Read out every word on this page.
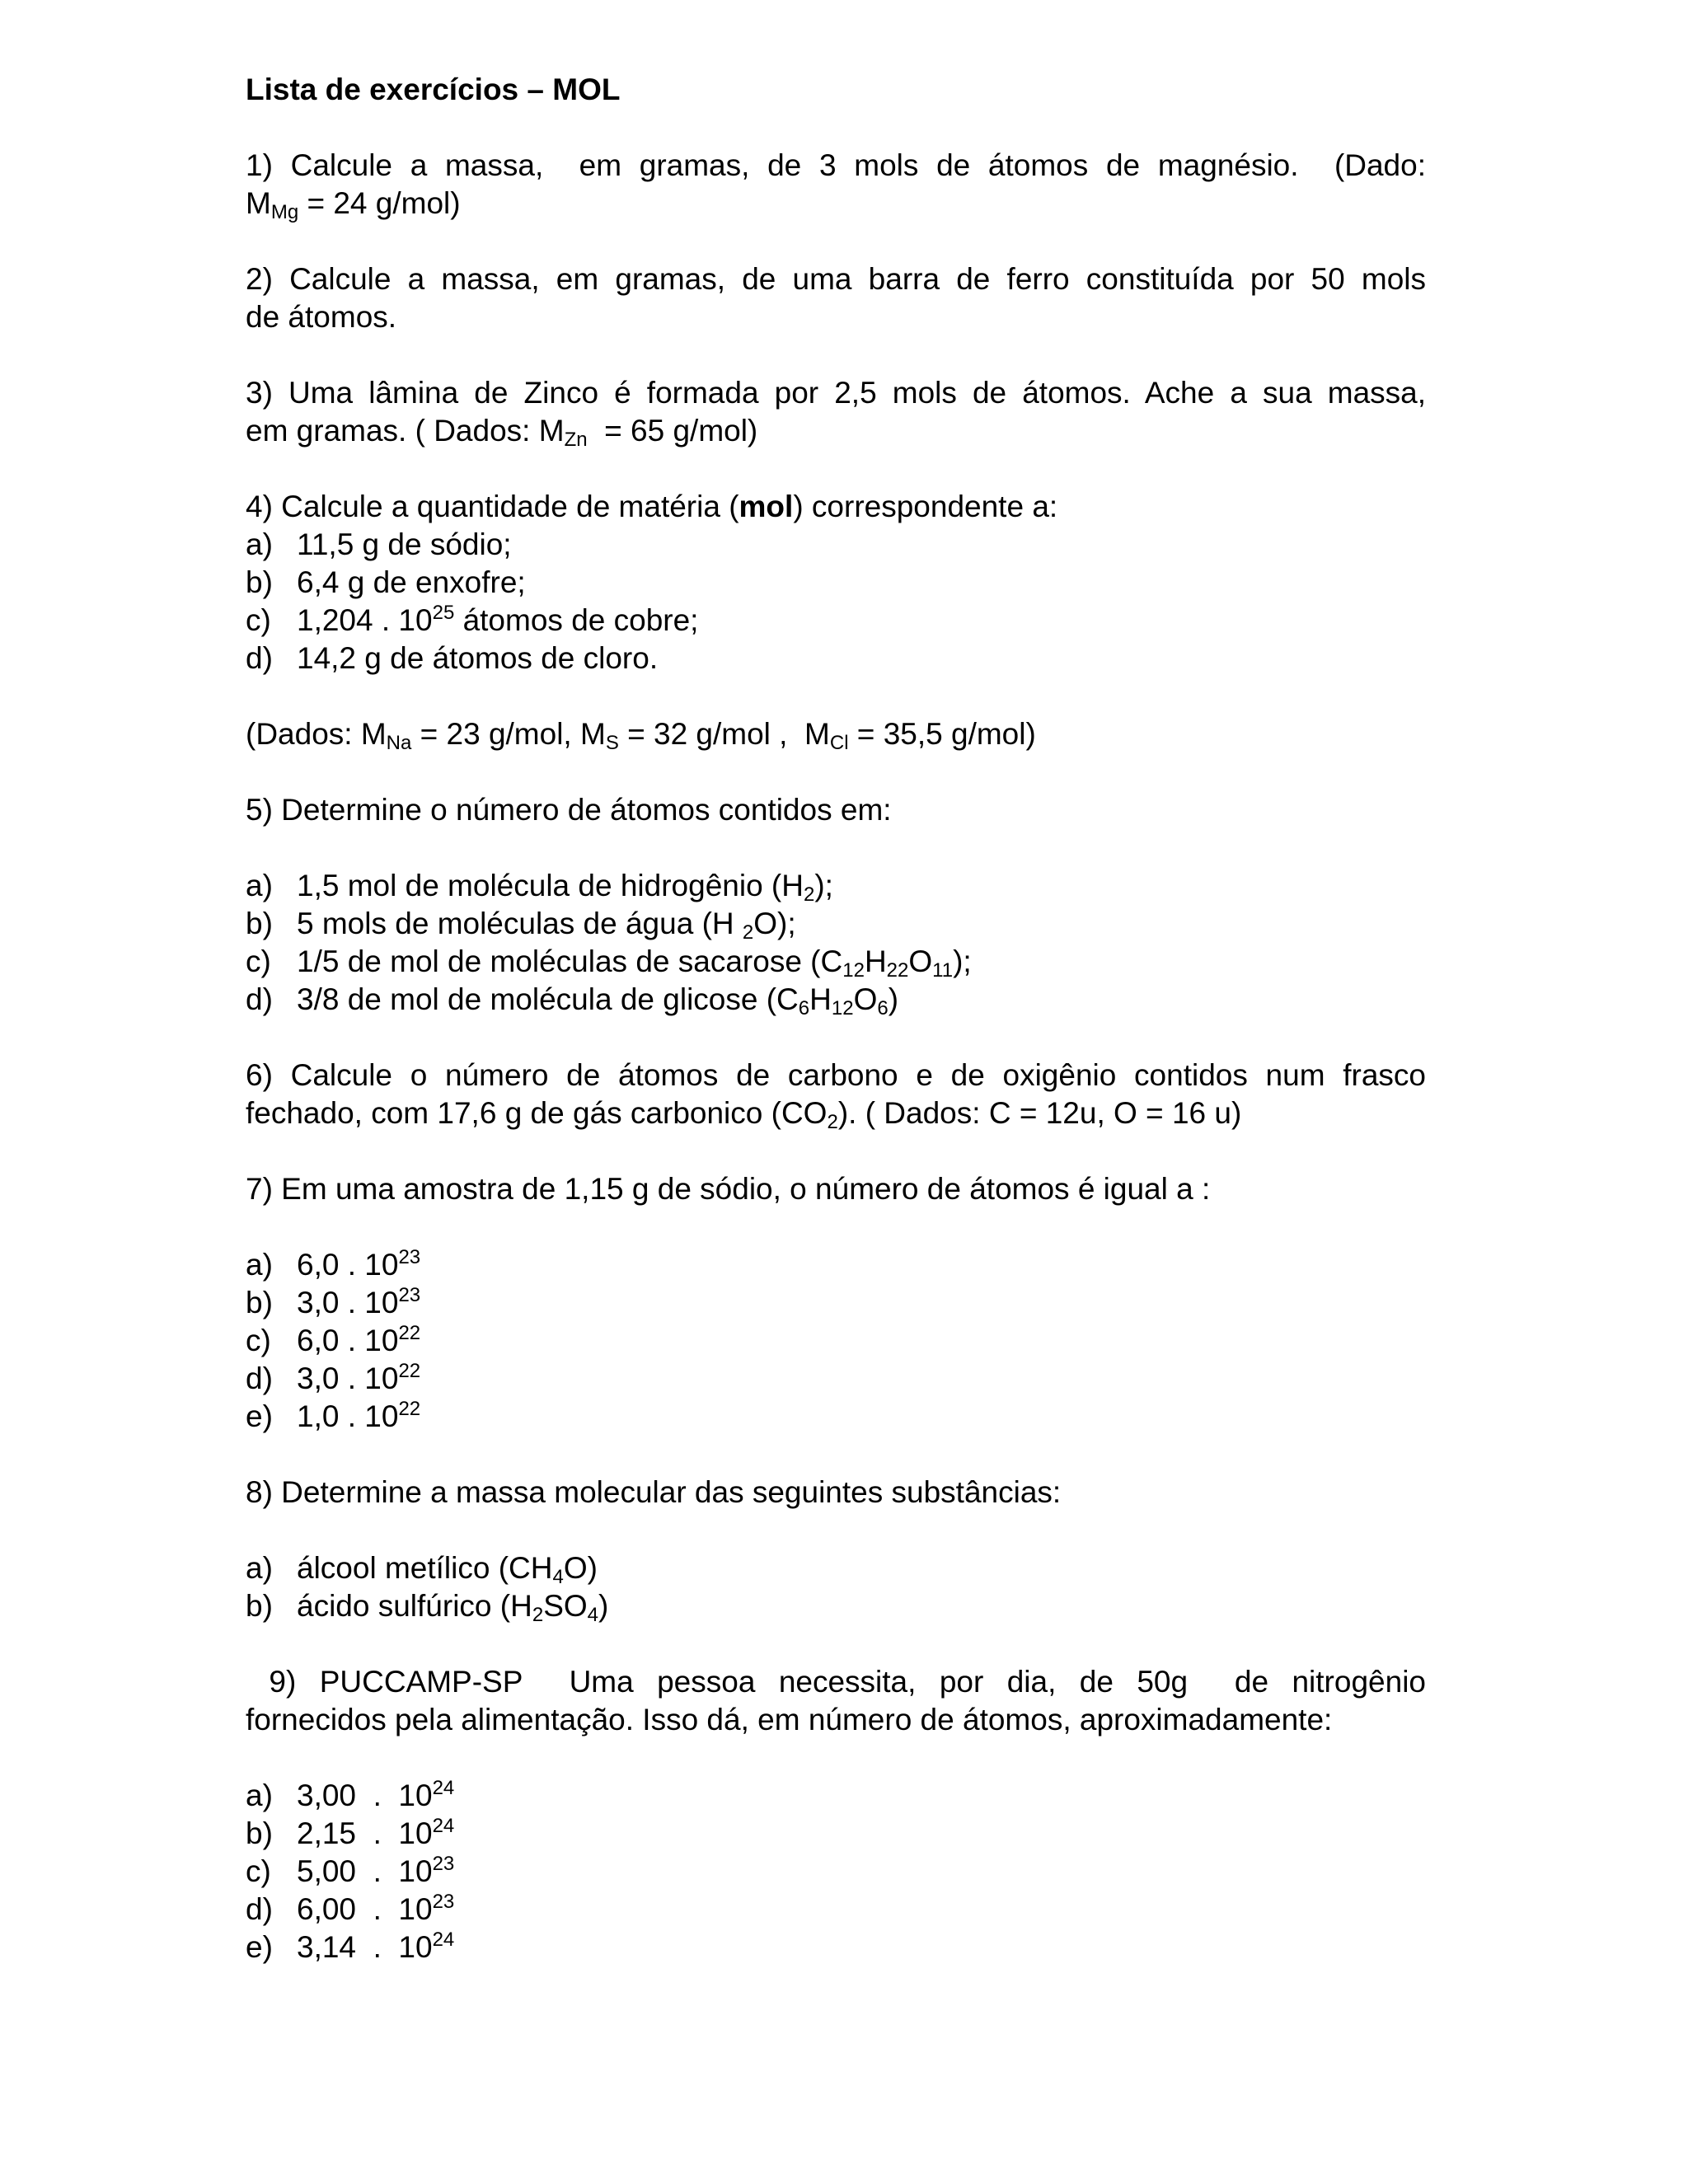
Lista de exercícios – MOL
1) Calcule a massa,  em gramas, de 3 mols de átomos de magnésio.  (Dado:
$M_{Mg} = 24$ g/mol)
2) Calcule a massa, em gramas, de uma barra de ferro constituída por 50 mols
de átomos.
3) Uma lâmina de Zinco é formada por 2,5 mols de átomos. Ache a sua massa,
em gramas. ( Dados: $M_{Zn} = 65$ g/mol)
4) Calcule a quantidade de matéria (mol) correspondente a:
a) 11,5 g de sódio;
b) 6,4 g de enxofre;
c) 1,204 . $10^{25}$ átomos de cobre;
d) 14,2 g de átomos de cloro.
(Dados: $M_{Na} = 23$ g/mol, $M_S = 32$ g/mol ,  $M_{Cl} = 35,5$ g/mol)
5) Determine o número de átomos contidos em:
a) 1,5 mol de molécula de hidrogênio $(H_2)$;
b) 5 mols de moléculas de água (H $_2$O);
c) 1/5 de mol de moléculas de sacarose $(C_{12}H_{22}O_{11})$;
d) 3/8 de mol de molécula de glicose $(C_6H_{12}O_6)$
6) Calcule o número de átomos de carbono e de oxigênio contidos num frasco
fechado, com 17,6 g de gás carbonico $(CO_2)$. ( Dados: C = 12u, O = 16 u)
7) Em uma amostra de 1,15 g de sódio, o número de átomos é igual a :
a) 6,0 . $10^{23}$
b) 3,0 . $10^{23}$
c) 6,0 . $10^{22}$
d) 3,0 . $10^{22}$
e) 1,0 . $10^{22}$
8) Determine a massa molecular das seguintes substâncias:
a) álcool metílico $(CH_4O)$
b) ácido sulfúrico $(H_2SO_4)$
9) PUCCAMP-SP  Uma pessoa necessita, por dia, de 50g  de nitrogênio
fornecidos pela alimentação. Isso dá, em número de átomos, aproximadamente:
a) 3,00  .  $10^{24}$
b) 2,15  .  $10^{24}$
c) 5,00  .  $10^{23}$
d) 6,00  .  $10^{23}$
e) 3,14  .  $10^{24}$
